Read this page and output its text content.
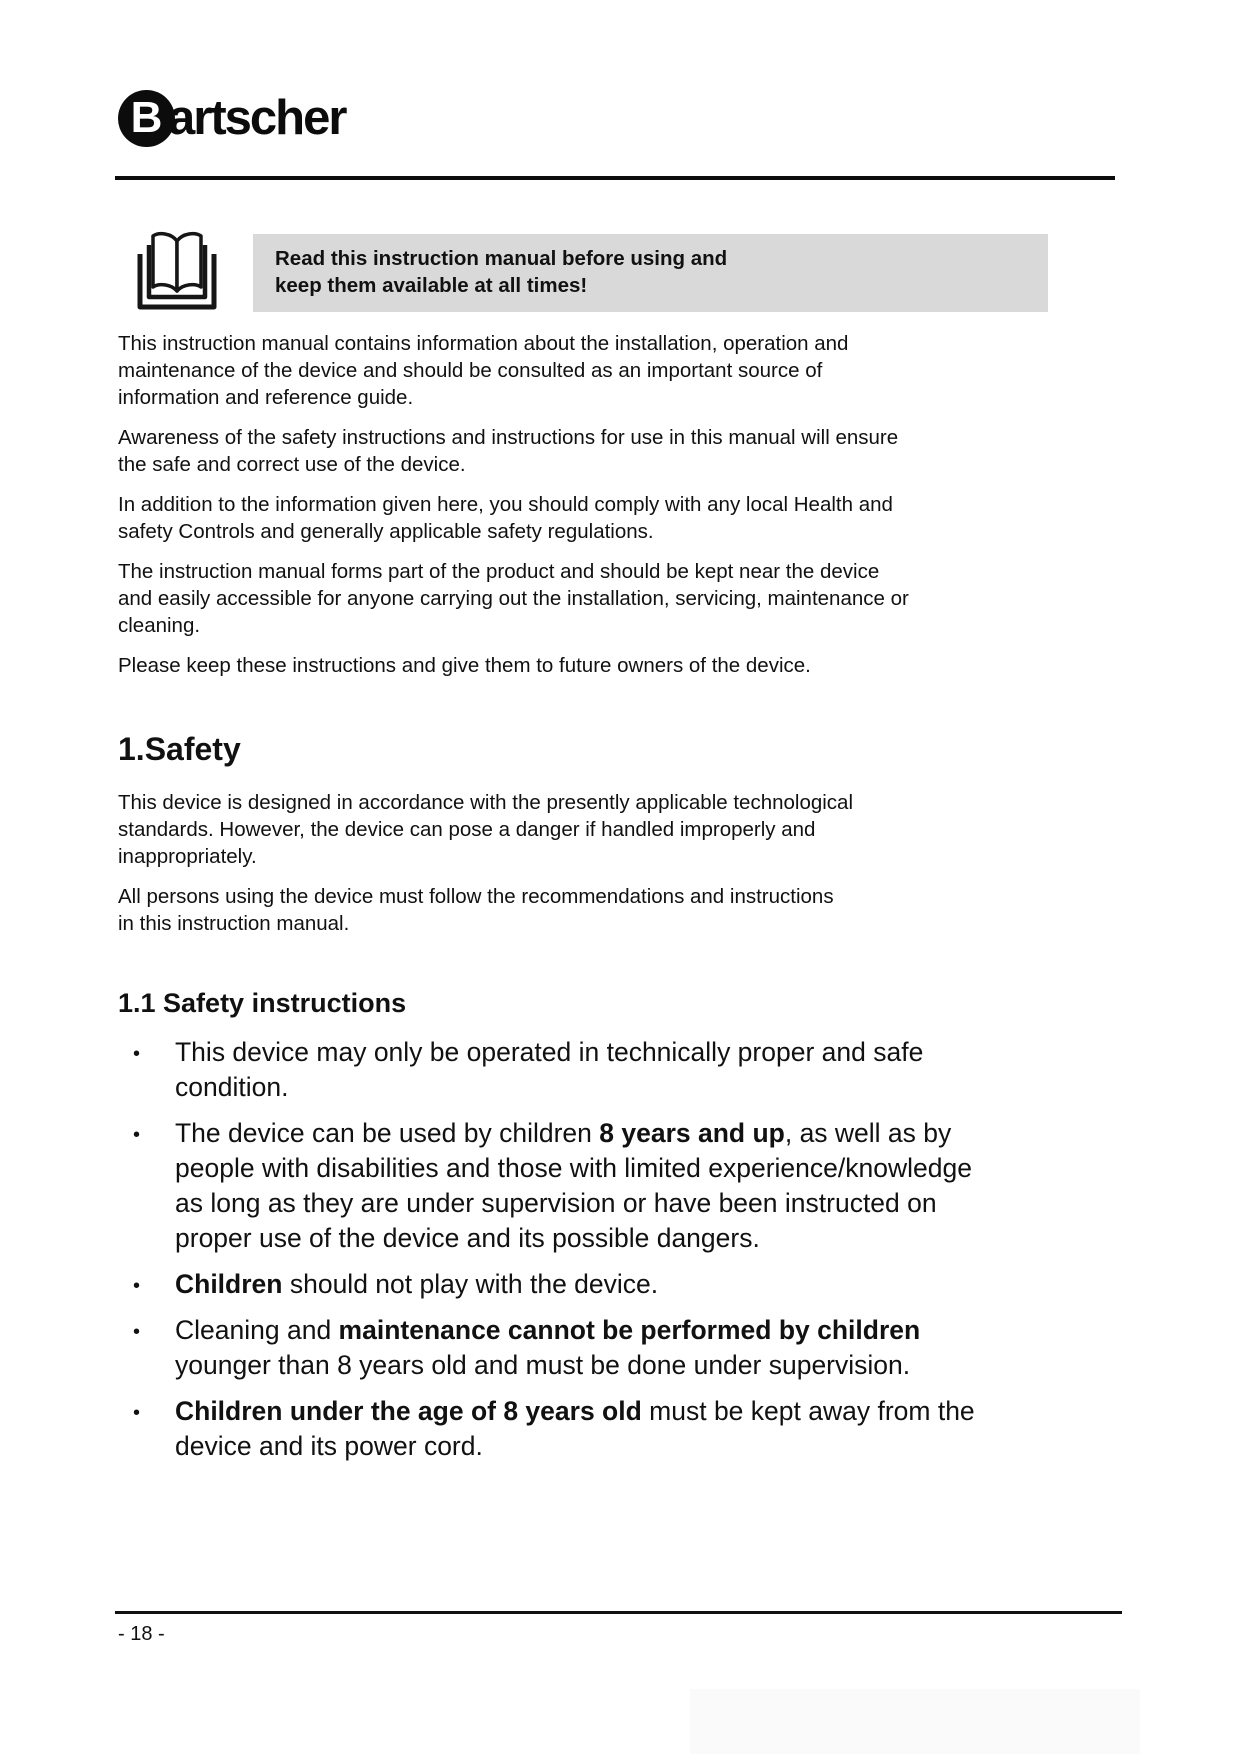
B artscher
Read this instruction manual before using and
keep them available at all times!

This instruction manual contains information about the installation, operation and
maintenance of the device and should be consulted as an important source of
information and reference guide.

Awareness of the safety instructions and instructions for use in this manual will ensure
the safe and correct use of the device.

In addition to the information given here, you should comply with any local Health and
safety Controls and generally applicable safety regulations.

The instruction manual forms part of the product and should be kept near the device
and easily accessible for anyone carrying out the installation, servicing, maintenance or
cleaning.

Please keep these instructions and give them to future owners of the device.

1.Safety

This device is designed in accordance with the presently applicable technological
standards. However, the device can pose a danger if handled improperly and
inappropriately.

All persons using the device must follow the recommendations and instructions
in this instruction manual.

1.1 Safety instructions
• This device may only be operated in technically proper and safe
condition.
• The device can be used by children 8 years and up, as well as by
people with disabilities and those with limited experience/knowledge
as long as they are under supervision or have been instructed on
proper use of the device and its possible dangers.
• Children should not play with the device.
• Cleaning and maintenance cannot be performed by children
younger than 8 years old and must be done under supervision.
• Children under the age of 8 years old must be kept away from the
device and its power cord.
- 18 -
